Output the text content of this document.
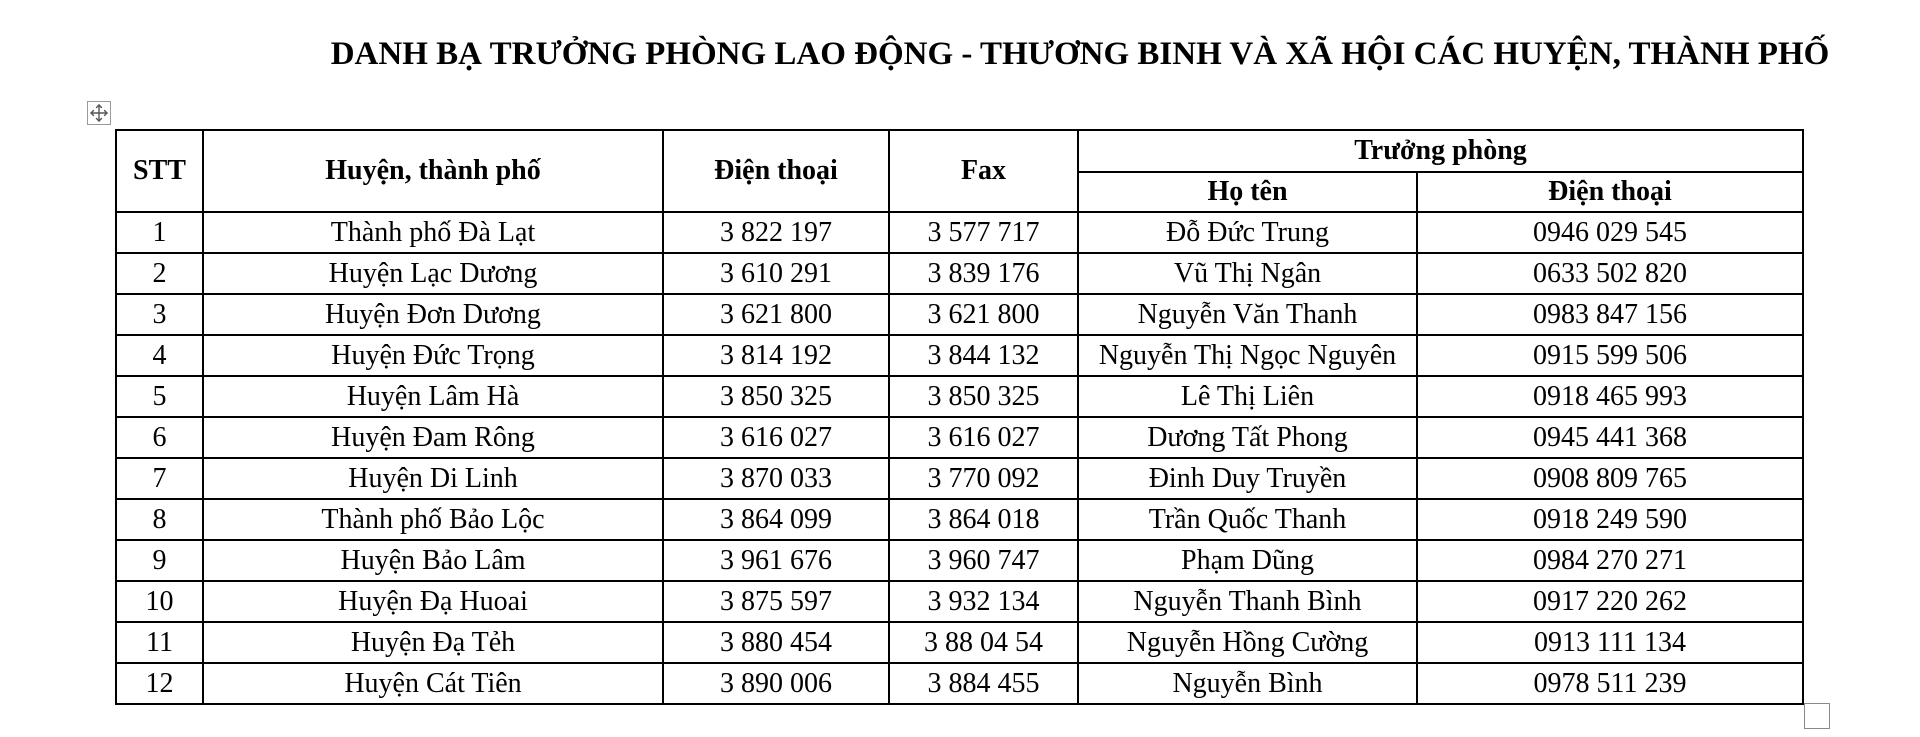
DANH BẠ TRƯỞNG PHÒNG LAO ĐỘNG - THƯƠNG BINH VÀ XÃ HỘI CÁC HUYỆN, THÀNH PHỐ
STT	Huyện, thành phố	Điện thoại	Fax	Trưởng phòng	
				Họ tên	Điện thoại
1	Thành phố Đà Lạt	3 822 197	3 577 717	Đỗ Đức Trung	0946 029 545
2	Huyện Lạc Dương	3 610 291	3 839 176	Vũ Thị Ngân	0633 502 820
3	Huyện Đơn Dương	3 621 800	3 621 800	Nguyễn Văn Thanh	0983 847 156
4	Huyện Đức Trọng	3 814 192	3 844 132	Nguyễn Thị Ngọc Nguyên	0915 599 506
5	Huyện Lâm Hà	3 850 325	3 850 325	Lê Thị Liên	0918 465 993
6	Huyện Đam Rông	3 616 027	3 616 027	Dương Tất Phong	0945 441 368
7	Huyện Di Linh	3 870 033	3 770 092	Đinh Duy Truyền	0908 809 765
8	Thành phố Bảo Lộc	3 864 099	3 864 018	Trần Quốc Thanh	0918 249 590
9	Huyện Bảo Lâm	3 961 676	3 960 747	Phạm Dũng	0984 270 271
10	Huyện Đạ Huoai	3 875 597	3 932 134	Nguyễn Thanh Bình	0917 220 262
11	Huyện Đạ Tẻh	3 880 454	3 88 04 54	Nguyễn Hồng Cường	0913 111 134
12	Huyện Cát Tiên	3 890 006	3 884 455	Nguyễn Bình	0978 511 239
